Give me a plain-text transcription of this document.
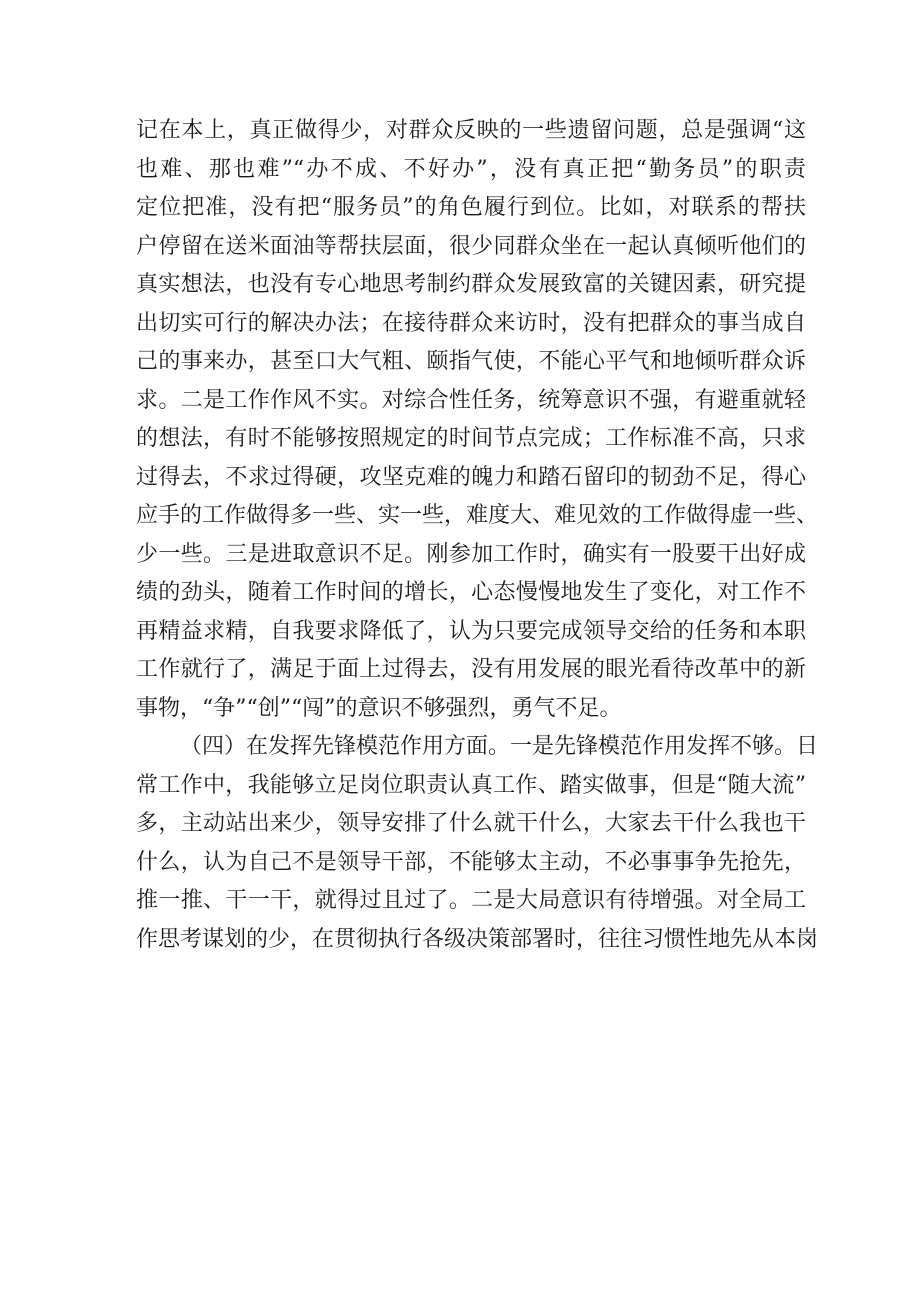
记在本上，真正做得少，对群众反映的一些遗留问题，总是强调“这
也难、那也难”“办不成、不好办”，没有真正把“勤务员”的职责
定位把准，没有把“服务员”的角色履行到位。比如，对联系的帮扶
户停留在送米面油等帮扶层面，很少同群众坐在一起认真倾听他们的
真实想法，也没有专心地思考制约群众发展致富的关键因素，研究提
出切实可行的解决办法；在接待群众来访时，没有把群众的事当成自
己的事来办，甚至口大气粗、颐指气使，不能心平气和地倾听群众诉
求。二是工作作风不实。对综合性任务，统筹意识不强，有避重就轻
的想法，有时不能够按照规定的时间节点完成；工作标准不高，只求
过得去，不求过得硬，攻坚克难的魄力和踏石留印的韧劲不足，得心
应手的工作做得多一些、实一些，难度大、难见效的工作做得虚一些、
少一些。三是进取意识不足。刚参加工作时，确实有一股要干出好成
绩的劲头，随着工作时间的增长，心态慢慢地发生了变化，对工作不
再精益求精，自我要求降低了，认为只要完成领导交给的任务和本职
工作就行了，满足于面上过得去，没有用发展的眼光看待改革中的新
事物，“争”“创”“闯”的意识不够强烈，勇气不足。
（四）在发挥先锋模范作用方面。一是先锋模范作用发挥不够。日
常工作中，我能够立足岗位职责认真工作、踏实做事，但是“随大流”
多，主动站出来少，领导安排了什么就干什么，大家去干什么我也干
什么，认为自己不是领导干部，不能够太主动，不必事事争先抢先，
推一推、干一干，就得过且过了。二是大局意识有待增强。对全局工
作思考谋划的少，在贯彻执行各级决策部署时，往往习惯性地先从本岗
